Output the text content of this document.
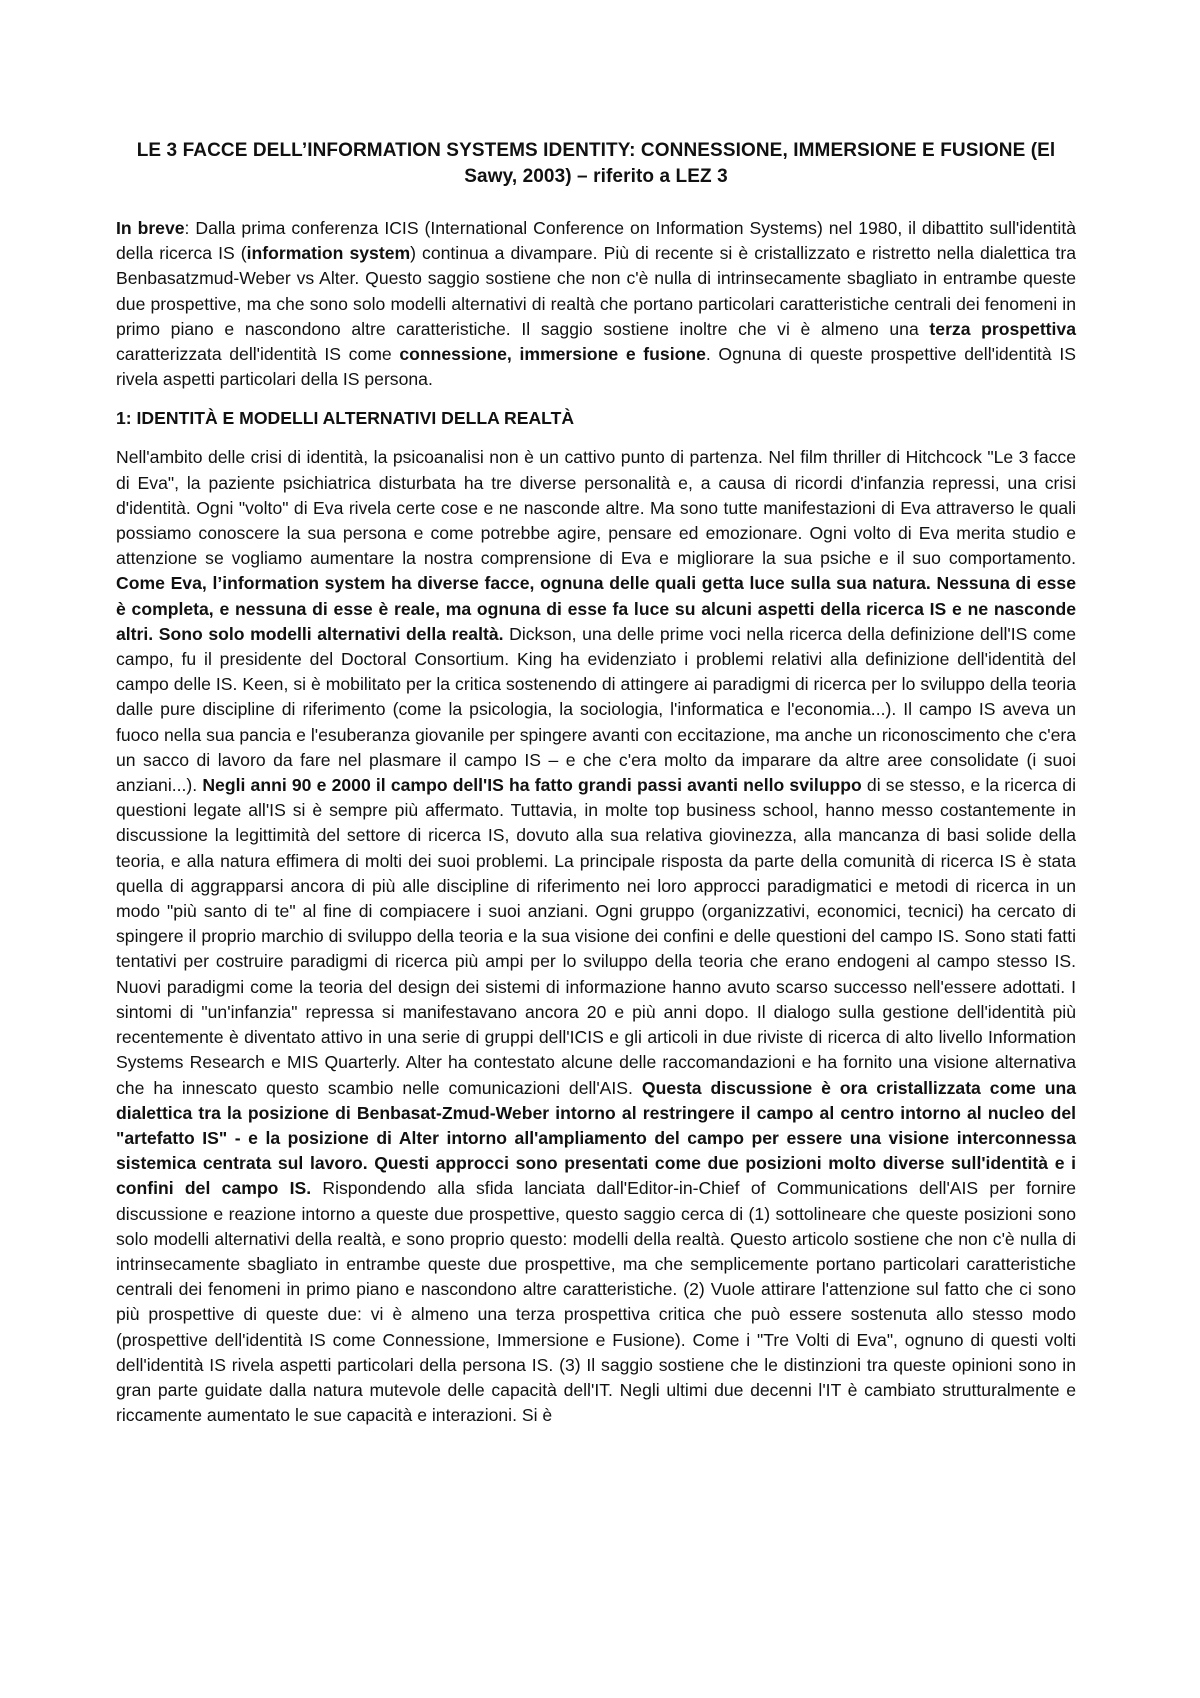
LE 3 FACCE DELL’INFORMATION SYSTEMS IDENTITY: CONNESSIONE, IMMERSIONE E FUSIONE (El Sawy, 2003) – riferito a LEZ 3

In breve: Dalla prima conferenza ICIS (International Conference on Information Systems) nel 1980, il dibattito sull'identità della ricerca IS (information system) continua a divampare. Più di recente si è cristallizzato e ristretto nella dialettica tra Benbasatzmud-Weber vs Alter. Questo saggio sostiene che non c'è nulla di intrinsecamente sbagliato in entrambe queste due prospettive, ma che sono solo modelli alternativi di realtà che portano particolari caratteristiche centrali dei fenomeni in primo piano e nascondono altre caratteristiche. Il saggio sostiene inoltre che vi è almeno una terza prospettiva caratterizzata dell'identità IS come connessione, immersione e fusione. Ognuna di queste prospettive dell'identità IS rivela aspetti particolari della IS persona.

1: IDENTITÀ E MODELLI ALTERNATIVI DELLA REALTÀ

Nell'ambito delle crisi di identità, la psicoanalisi non è un cattivo punto di partenza. Nel film thriller di Hitchcock "Le 3 facce di Eva", la paziente psichiatrica disturbata ha tre diverse personalità e, a causa di ricordi d'infanzia repressi, una crisi d'identità. Ogni "volto" di Eva rivela certe cose e ne nasconde altre. Ma sono tutte manifestazioni di Eva attraverso le quali possiamo conoscere la sua persona e come potrebbe agire, pensare ed emozionare. Ogni volto di Eva merita studio e attenzione se vogliamo aumentare la nostra comprensione di Eva e migliorare la sua psiche e il suo comportamento. Come Eva, l’information system ha diverse facce, ognuna delle quali getta luce sulla sua natura. Nessuna di esse è completa, e nessuna di esse è reale, ma ognuna di esse fa luce su alcuni aspetti della ricerca IS e ne nasconde altri. Sono solo modelli alternativi della realtà. Dickson, una delle prime voci nella ricerca della definizione dell'IS come campo, fu il presidente del Doctoral Consortium. King ha evidenziato i problemi relativi alla definizione dell'identità del campo delle IS. Keen, si è mobilitato per la critica sostenendo di attingere ai paradigmi di ricerca per lo sviluppo della teoria dalle pure discipline di riferimento (come la psicologia, la sociologia, l'informatica e l'economia...). Il campo IS aveva un fuoco nella sua pancia e l'esuberanza giovanile per spingere avanti con eccitazione, ma anche un riconoscimento che c'era un sacco di lavoro da fare nel plasmare il campo IS – e che c'era molto da imparare da altre aree consolidate (i suoi anziani...). Negli anni 90 e 2000 il campo dell'IS ha fatto grandi passi avanti nello sviluppo di se stesso, e la ricerca di questioni legate all'IS si è sempre più affermato. Tuttavia, in molte top business school, hanno messo costantemente in discussione la legittimità del settore di ricerca IS, dovuto alla sua relativa giovinezza, alla mancanza di basi solide della teoria, e alla natura effimera di molti dei suoi problemi. La principale risposta da parte della comunità di ricerca IS è stata quella di aggrapparsi ancora di più alle discipline di riferimento nei loro approcci paradigmatici e metodi di ricerca in un modo "più santo di te" al fine di compiacere i suoi anziani. Ogni gruppo (organizzativi, economici, tecnici) ha cercato di spingere il proprio marchio di sviluppo della teoria e la sua visione dei confini e delle questioni del campo IS. Sono stati fatti tentativi per costruire paradigmi di ricerca più ampi per lo sviluppo della teoria che erano endogeni al campo stesso IS. Nuovi paradigmi come la teoria del design dei sistemi di informazione hanno avuto scarso successo nell'essere adottati. I sintomi di "un'infanzia" repressa si manifestavano ancora 20 e più anni dopo. Il dialogo sulla gestione dell'identità più recentemente è diventato attivo in una serie di gruppi dell'ICIS e gli articoli in due riviste di ricerca di alto livello Information Systems Research e MIS Quarterly. Alter ha contestato alcune delle raccomandazioni e ha fornito una visione alternativa che ha innescato questo scambio nelle comunicazioni dell'AIS. Questa discussione è ora cristallizzata come una dialettica tra la posizione di Benbasat-Zmud-Weber intorno al restringere il campo al centro intorno al nucleo del "artefatto IS" - e la posizione di Alter intorno all'ampliamento del campo per essere una visione interconnessa sistemica centrata sul lavoro. Questi approcci sono presentati come due posizioni molto diverse sull'identità e i confini del campo IS. Rispondendo alla sfida lanciata dall'Editor-in-Chief of Communications dell'AIS per fornire discussione e reazione intorno a queste due prospettive, questo saggio cerca di (1) sottolineare che queste posizioni sono solo modelli alternativi della realtà, e sono proprio questo: modelli della realtà. Questo articolo sostiene che non c'è nulla di intrinsecamente sbagliato in entrambe queste due prospettive, ma che semplicemente portano particolari caratteristiche centrali dei fenomeni in primo piano e nascondono altre caratteristiche. (2) Vuole attirare l'attenzione sul fatto che ci sono più prospettive di queste due: vi è almeno una terza prospettiva critica che può essere sostenuta allo stesso modo (prospettive dell'identità IS come Connessione, Immersione e Fusione). Come i "Tre Volti di Eva", ognuno di questi volti dell'identità IS rivela aspetti particolari della persona IS. (3) Il saggio sostiene che le distinzioni tra queste opinioni sono in gran parte guidate dalla natura mutevole delle capacità dell'IT. Negli ultimi due decenni l'IT è cambiato strutturalmente e riccamente aumentato le sue capacità e interazioni. Si è
